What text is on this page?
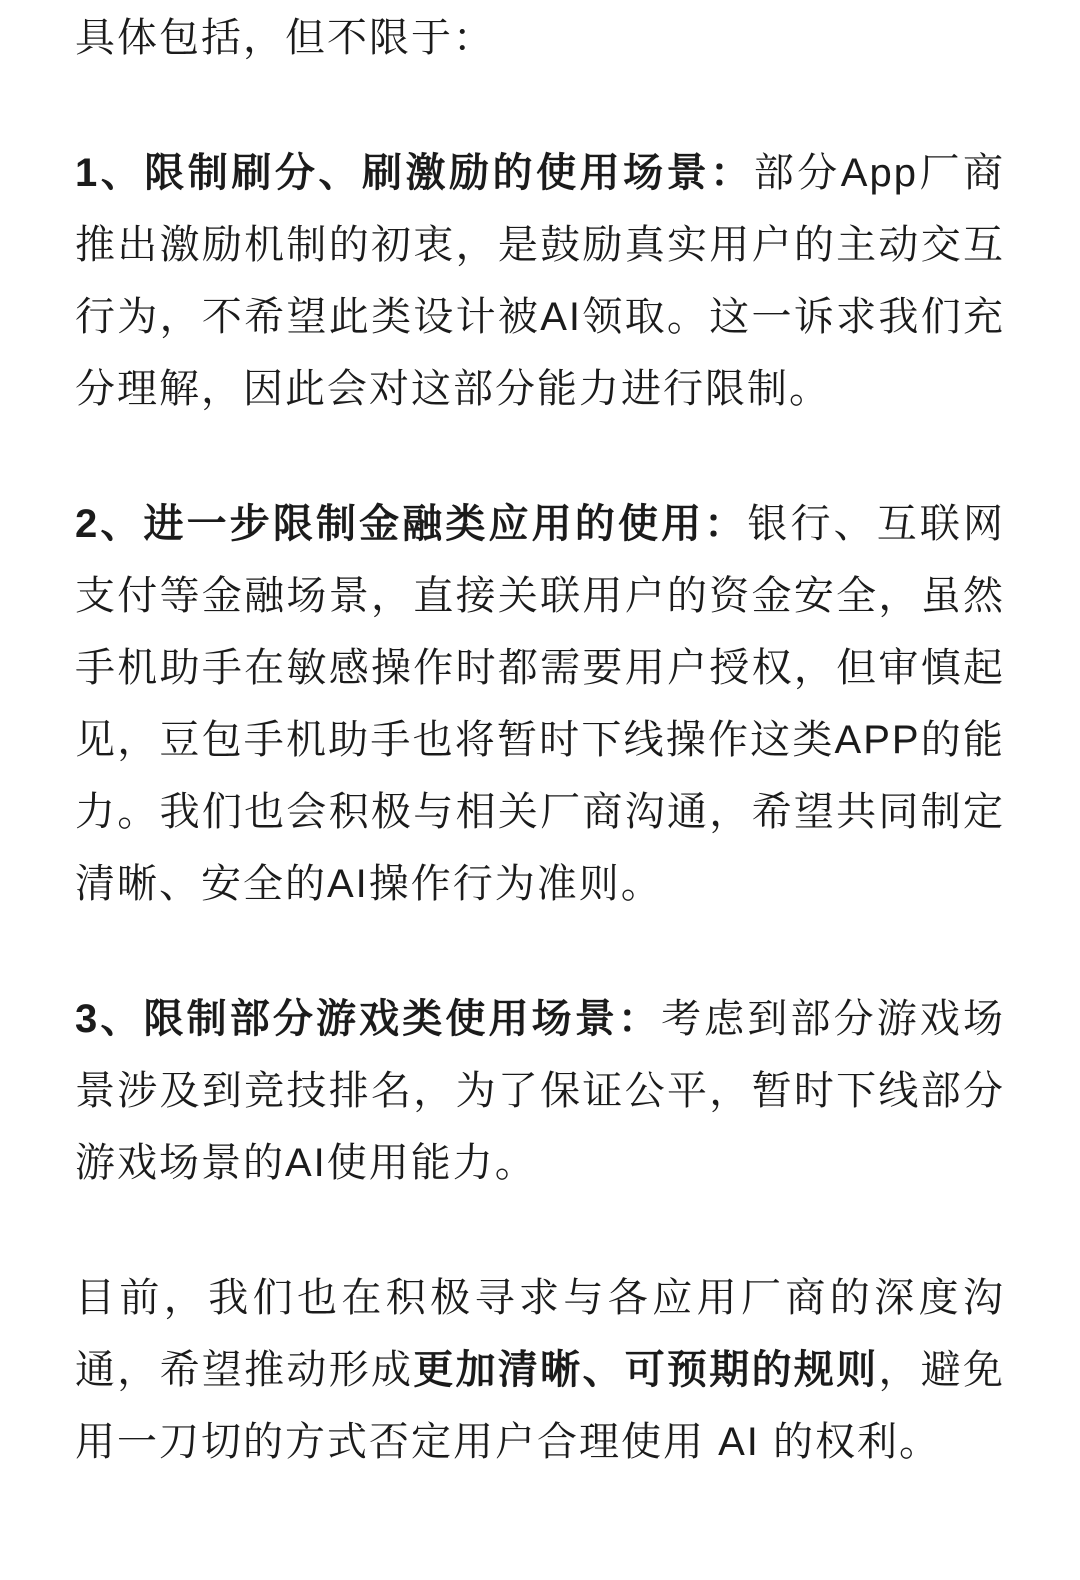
具体包括，但不限于：

1、限制刷分、刷激励的使用场景：部分App厂商推出激励机制的初衷，是鼓励真实用户的主动交互行为，不希望此类设计被AI领取。这一诉求我们充分理解，因此会对这部分能力进行限制。

2、进一步限制金融类应用的使用：银行、互联网支付等金融场景，直接关联用户的资金安全，虽然手机助手在敏感操作时都需要用户授权，但审慎起见，豆包手机助手也将暂时下线操作这类APP的能力。我们也会积极与相关厂商沟通，希望共同制定清晰、安全的AI操作行为准则。

3、限制部分游戏类使用场景：考虑到部分游戏场景涉及到竞技排名，为了保证公平，暂时下线部分游戏场景的AI使用能力。

目前，我们也在积极寻求与各应用厂商的深度沟通，希望推动形成更加清晰、可预期的规则，避免用一刀切的方式否定用户合理使用 AI 的权利。
